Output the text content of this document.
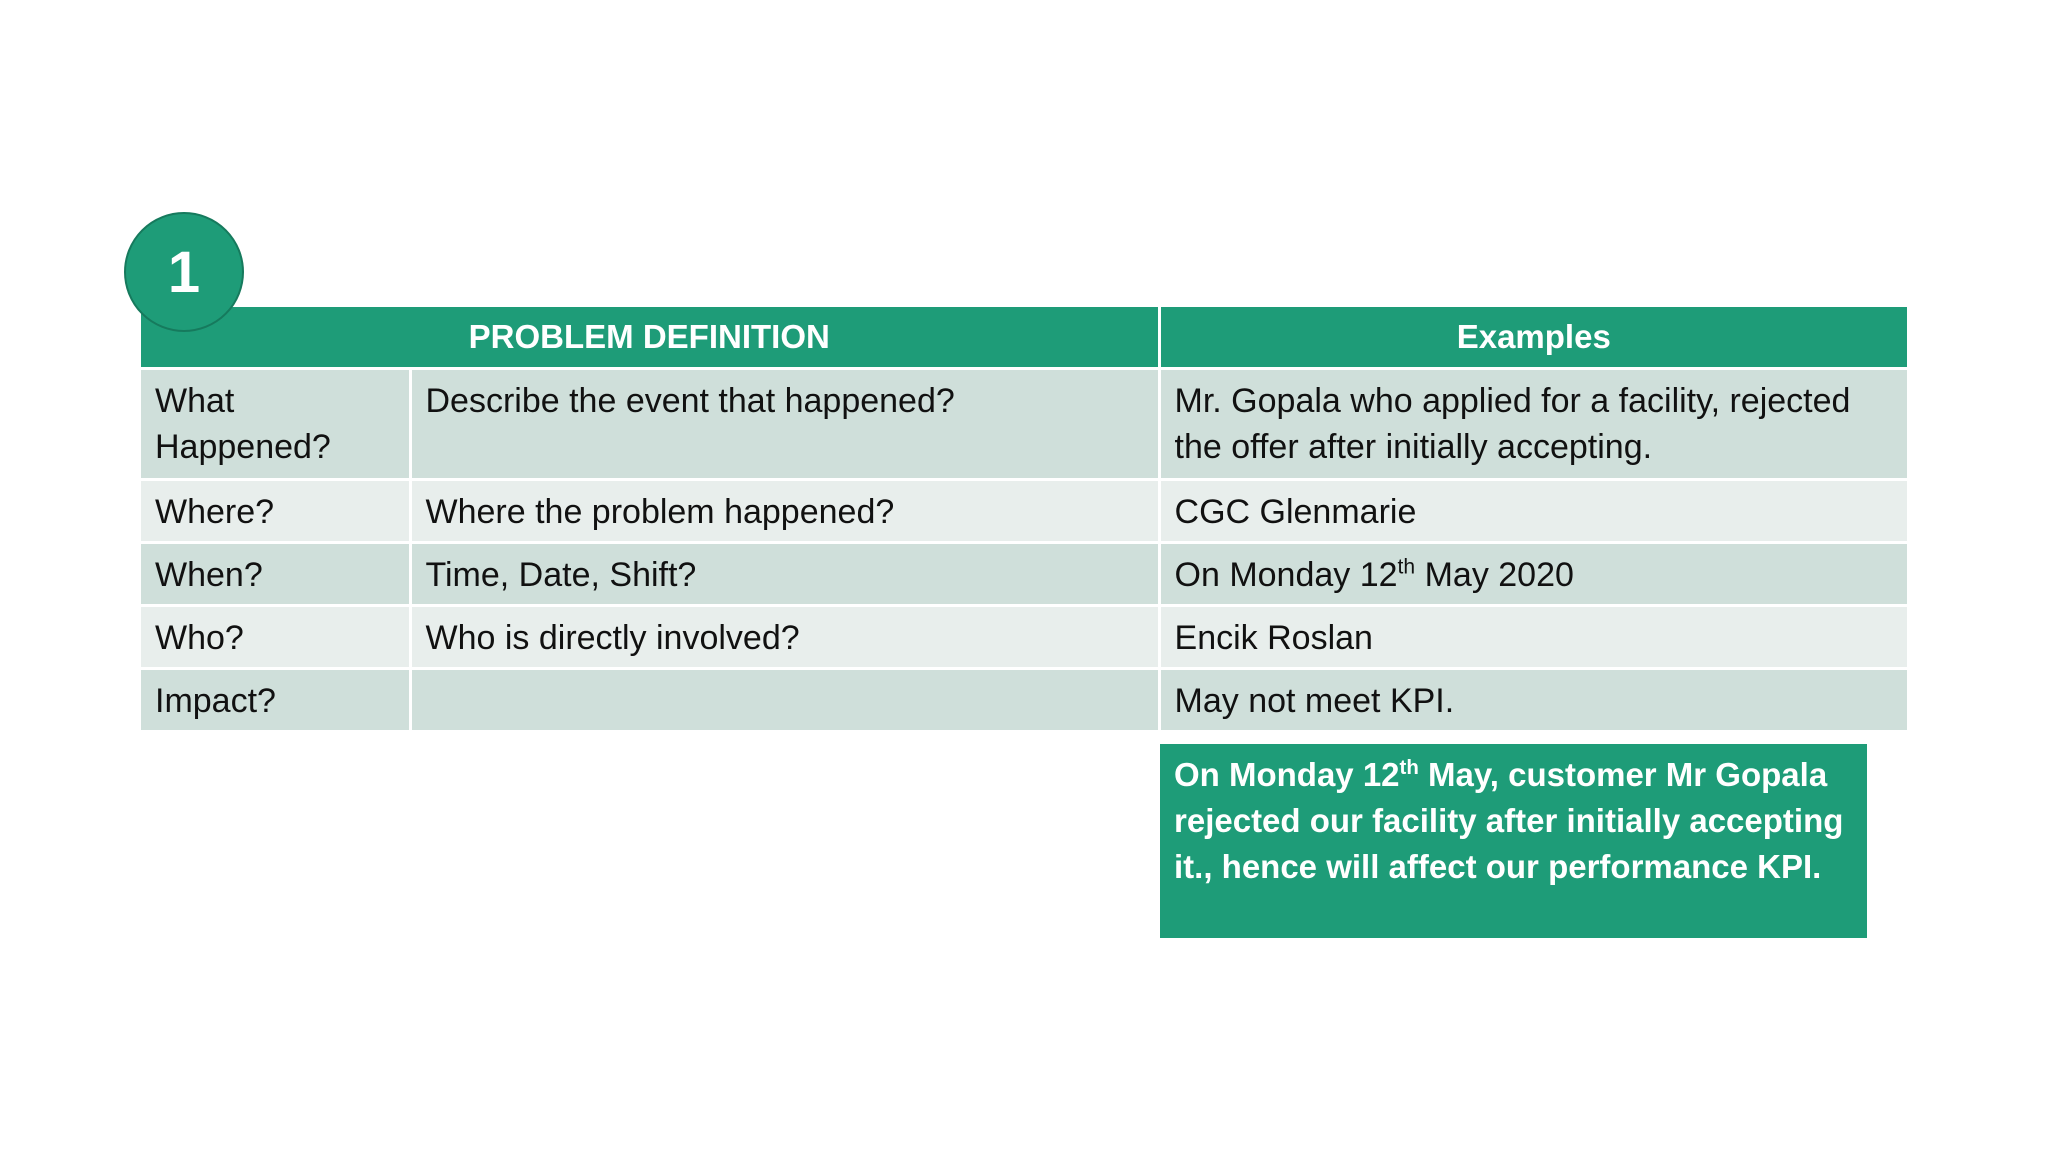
1
PROBLEM DEFINITION		Examples
What Happened?	Describe the event that happened?	Mr. Gopala who applied for a facility, rejected the offer after initially accepting.
Where?	Where the problem happened?	CGC Glenmarie
When?	Time, Date, Shift?	On Monday 12th May 2020
Who?	Who is directly involved?	Encik Roslan
Impact?		May not meet KPI.
On Monday 12th May, customer Mr Gopala rejected our facility after initially accepting it., hence will affect our performance KPI.
